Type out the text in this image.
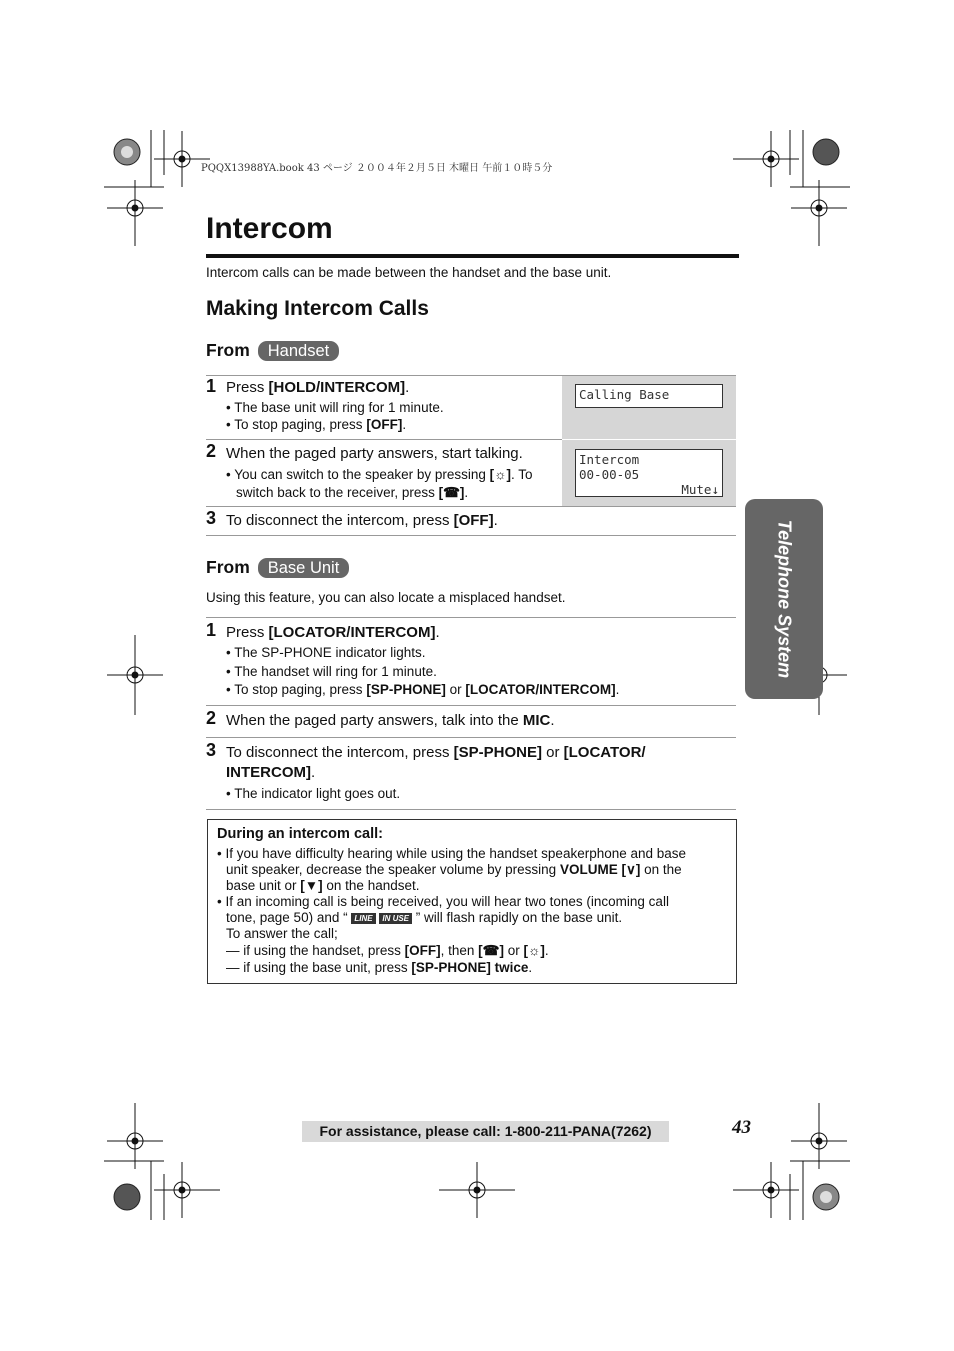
PQQX13988YA.book 43 ページ ２００４年２月５日 木曜日 午前１０時５分
Intercom
Intercom calls can be made between the handset and the base unit.
Making Intercom Calls
From	Handset
1 Press [HOLD/INTERCOM].
• The base unit will ring for 1 minute.
• To stop paging, press [OFF].
Calling Base
2 When the paged party answers, start talking.
• You can switch to the speaker by pressing [☼]. To
switch back to the receiver, press [☎].
Intercom
00-00-05
Mute↓
3 To disconnect the intercom, press [OFF].
From	Base Unit
Using this feature, you can also locate a misplaced handset.
1 Press [LOCATOR/INTERCOM].
• The SP-PHONE indicator lights.
• The handset will ring for 1 minute.
• To stop paging, press [SP-PHONE] or [LOCATOR/INTERCOM].
2 When the paged party answers, talk into the MIC.
3 To disconnect the intercom, press [SP-PHONE] or [LOCATOR/
INTERCOM].
• The indicator light goes out.
During an intercom call:
• If you have difficulty hearing while using the handset speakerphone and base
unit speaker, decrease the speaker volume by pressing VOLUME [∨] on the
base unit or [▼] on the handset.
• If an incoming call is being received, you will hear two tones (incoming call
tone, page 50) and “ LINE IN USE ” will flash rapidly on the base unit.
To answer the call;
— if using the handset, press [OFF], then [☎] or [☼].
— if using the base unit, press [SP-PHONE] twice.
Telephone System
For assistance, please call: 1-800-211-PANA(7262)	43
